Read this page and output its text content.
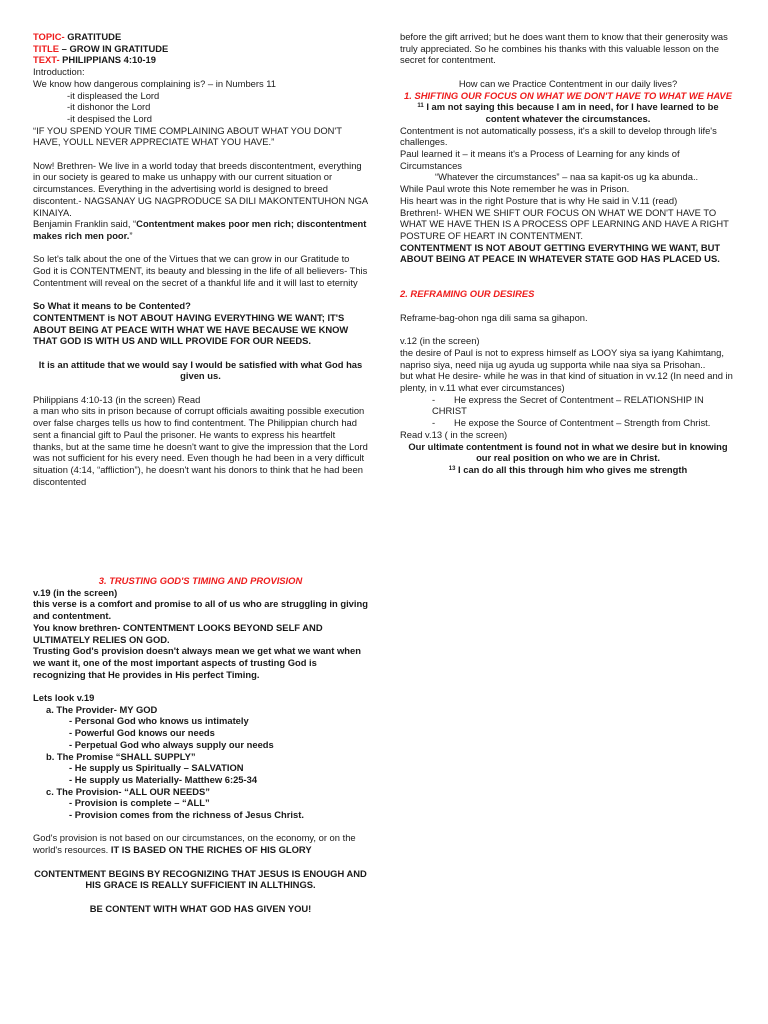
TOPIC- GRATITUDE

TITLE – GROW IN GRATITUDE

TEXT- PHILIPPIANS 4:10-19

Introduction:

We know how dangerous complaining is? – in Numbers 11

-it displeased the Lord

-it dishonor the Lord

-it despised the Lord

“IF YOU SPEND YOUR TIME COMPLAINING ABOUT WHAT YOU DON'T HAVE, YOULL NEVER APPRECIATE WHAT YOU HAVE.”

Now! Brethren- We live in a world today that breeds discontentment, everything in our society is geared to make us unhappy with our current situation or circumstances. Everything in the advertising world is designed to breed discontent.- NAGSANAY UG NAGPRODUCE SA DILI MAKONTENTUHON NGA KINAIYA.

Benjamin Franklin said, “Contentment makes poor men rich; discontentment makes rich men poor.”

So let's talk about the one of the Virtues that we can grow in our Gratitude to God it is CONTENTMENT, its beauty and blessing in the life of all believers- This Contentment will reveal on the secret of a thankful life and it will last to eternity

So What it means to be Contented?

CONTENTMENT is NOT ABOUT HAVING EVERYTHING WE WANT; IT'S ABOUT BEING AT PEACE WITH WHAT WE HAVE BECAUSE WE KNOW THAT GOD IS WITH US AND WILL PROVIDE FOR OUR NEEDS.

It is an attitude that we would say I would be satisfied with what God has given us.

Philippians 4:10-13 (in the screen) Read

a man who sits in prison because of corrupt officials awaiting possible execution over false charges tells us how to find contentment. The Philippian church had sent a financial gift to Paul the prisoner. He wants to express his heartfelt thanks, but at the same time he doesn't want to give the impression that the Lord was not sufficient for his every need. Even though he had been in a very difficult situation (4:14, “affliction”), he doesn't want his donors to think that he had been discontented

before the gift arrived; but he does want them to know that their generosity was truly appreciated. So he combines his thanks with this valuable lesson on the secret for contentment.

How can we Practice Contentment in our daily lives?

1. SHIFTING OUR FOCUS ON WHAT WE DON'T HAVE TO WHAT WE HAVE

$^{11}$ I am not saying this because I am in need, for I have learned to be content whatever the circumstances.

Contentment is not automatically possess, it's a skill to develop through life's challenges.

Paul learned it – it means it's a Process of Learning for any kinds of Circumstances

“Whatever the circumstances” – naa sa kapit-os ug ka abunda..

While Paul wrote this Note remember he was in Prison.

His heart was in the right Posture that is why He said in V.11 (read)

Brethren!- WHEN WE SHIFT OUR FOCUS ON WHAT WE DON'T HAVE TO WHAT WE HAVE THEN IS A PROCESS OPF LEARNING AND HAVE A RIGHT POSTURE OF HEART IN CONTENTMENT.

CONTENTMENT IS NOT ABOUT GETTING EVERYTHING WE WANT, BUT ABOUT BEING AT PEACE IN WHATEVER STATE GOD HAS PLACED US.

2. REFRAMING OUR DESIRES

Reframe-bag-ohon nga dili sama sa gihapon.

v.12 (in the screen)

the desire of Paul is not to express himself as LOOY siya sa iyang Kahimtang, napriso siya, need nija ug ayuda ug supporta while naa siya sa Prisohan..

but what He desire- while he was in that kind of situation in vv.12 (In need and in plenty, in v.11 what ever circumstances)

- He express the Secret of Contentment – RELATIONSHIP IN CHRIST

- He expose the Source of Contentment – Strength from Christ.

Read v.13 ( in the screen)

Our ultimate contentment is found not in what we desire but in knowing our real position on who we are in Christ.

$^{13}$ I can do all this through him who gives me strength

3. TRUSTING GOD'S TIMING AND PROVISION

v.19 (in the screen)

this verse is a comfort and promise to all of us who are struggling in giving and contentment.

You know brethren- CONTENTMENT LOOKS BEYOND SELF AND ULTIMATELY RELIES ON GOD.

Trusting God's provision doesn't always mean we get what we want when we want it, one of the most important aspects of trusting God is recognizing that He provides in His perfect Timing.

Lets look v.19

a. The Provider- MY GOD

- Personal God who knows us intimately

- Powerful God knows our needs

- Perpetual God who always supply our needs

b. The Promise “SHALL SUPPLY”

- He supply us Spiritually – SALVATION

- He supply us Materially- Matthew 6:25-34

c. The Provision- “ALL OUR NEEDS”

- Provision is complete – “ALL”

- Provision comes from the richness of Jesus Christ.

God's provision is not based on our circumstances, on the economy, or on the world's resources. IT IS BASED ON THE RICHES OF HIS GLORY

CONTENTMENT BEGINS BY RECOGNIZING THAT JESUS IS ENOUGH AND HIS GRACE IS REALLY SUFFICIENT IN ALLTHINGS.

BE CONTENT WITH WHAT GOD HAS GIVEN YOU!
